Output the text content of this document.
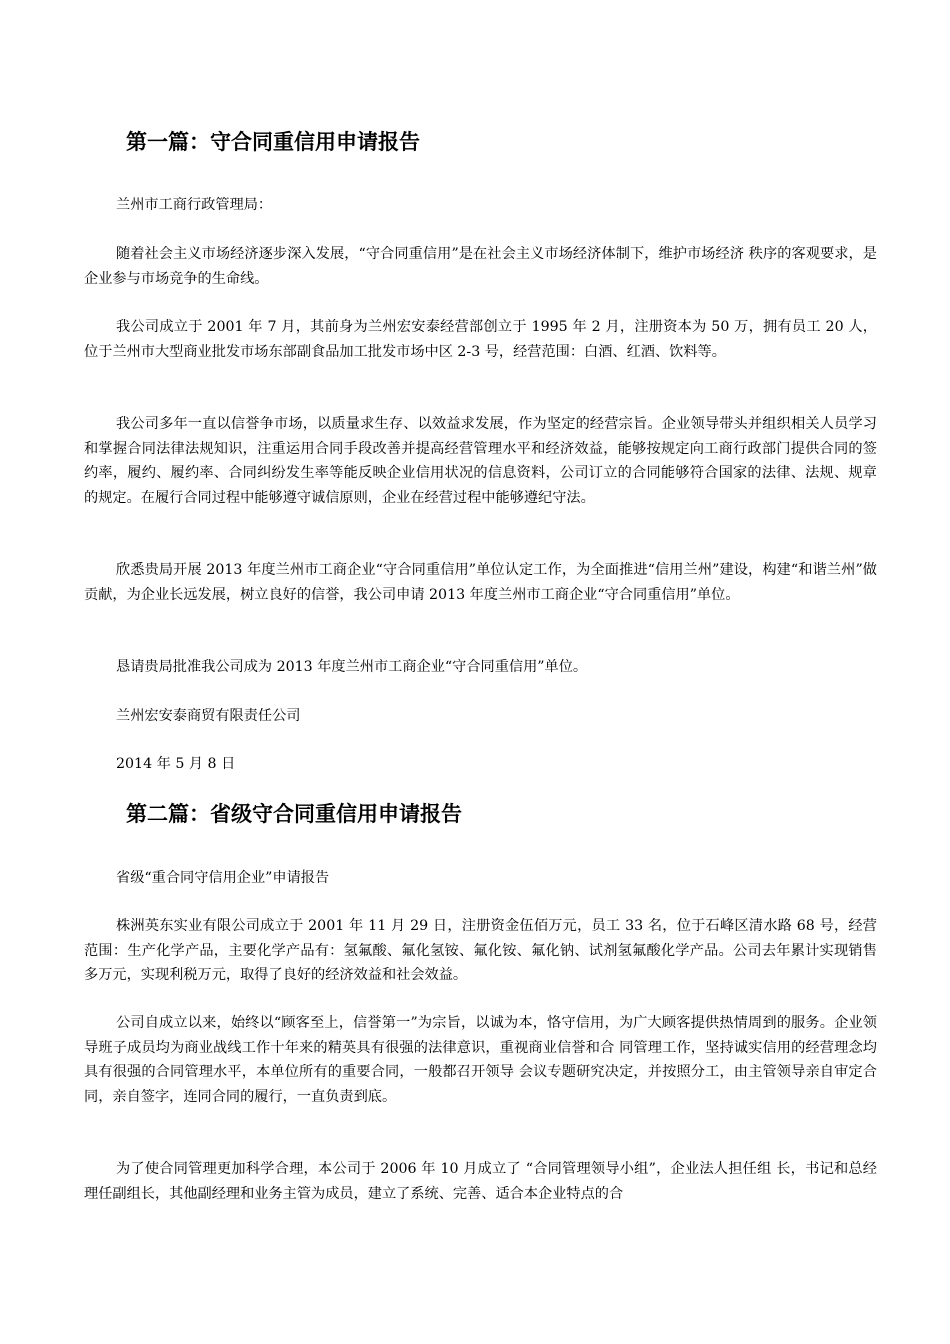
第一篇：守合同重信用申请报告

兰州市工商行政管理局：

随着社会主义市场经济逐步深入发展，“守合同重信用”是在社会主义市场经济体制下，维护市场经济 秩序的客观要求，是企业参与市场竞争的生命线。

我公司成立于 2001 年 7 月，其前身为兰州宏安泰经营部创立于 1995 年 2 月，注册资本为 50 万，拥有员工 20 人，位于兰州市大型商业批发市场东部副食品加工批发市场中区 2-3 号，经营范围：白酒、红酒、饮料等。

我公司多年一直以信誉争市场，以质量求生存、以效益求发展，作为坚定的经营宗旨。企业领导带头并组织相关人员学习和掌握合同法律法规知识，注重运用合同手段改善并提高经营管理水平和经济效益，能够按规定向工商行政部门提供合同的签约率，履约、履约率、合同纠纷发生率等能反映企业信用状况的信息资料，公司订立的合同能够符合国家的法律、法规、规章的规定。在履行合同过程中能够遵守诚信原则，企业在经营过程中能够遵纪守法。

欣悉贵局开展 2013 年度兰州市工商企业“守合同重信用”单位认定工作，为全面推进“信用兰州”建设，构建“和谐兰州”做贡献，为企业长远发展，树立良好的信誉，我公司申请 2013 年度兰州市工商企业“守合同重信用”单位。

恳请贵局批准我公司成为 2013 年度兰州市工商企业“守合同重信用”单位。

兰州宏安泰商贸有限责任公司

2014 年 5 月 8 日

第二篇：省级守合同重信用申请报告

省级“重合同守信用企业”申请报告

株洲英东实业有限公司成立于 2001 年 11 月 29 日，注册资金伍佰万元，员工 33 名，位于石峰区清水路 68 号，经营范围：生产化学产品，主要化学产品有：氢氟酸、氟化氢铵、氟化铵、氟化钠、试剂氢氟酸化学产品。公司去年累计实现销售多万元，实现利税万元，取得了良好的经济效益和社会效益。

公司自成立以来，始终以“顾客至上，信誉第一”为宗旨，以诚为本，恪守信用，为广大顾客提供热情周到的服务。企业领导班子成员均为商业战线工作十年来的精英具有很强的法律意识，重视商业信誉和合 同管理工作，坚持诚实信用的经营理念均具有很强的合同管理水平，本单位所有的重要合同，一般都召开领导 会议专题研究决定，并按照分工，由主管领导亲自审定合同，亲自签字，连同合同的履行，一直负责到底。

为了使合同管理更加科学合理，本公司于 2006 年 10 月成立了 “合同管理领导小组”，企业法人担任组 长，书记和总经理任副组长，其他副经理和业务主管为成员，建立了系统、完善、适合本企业特点的合
